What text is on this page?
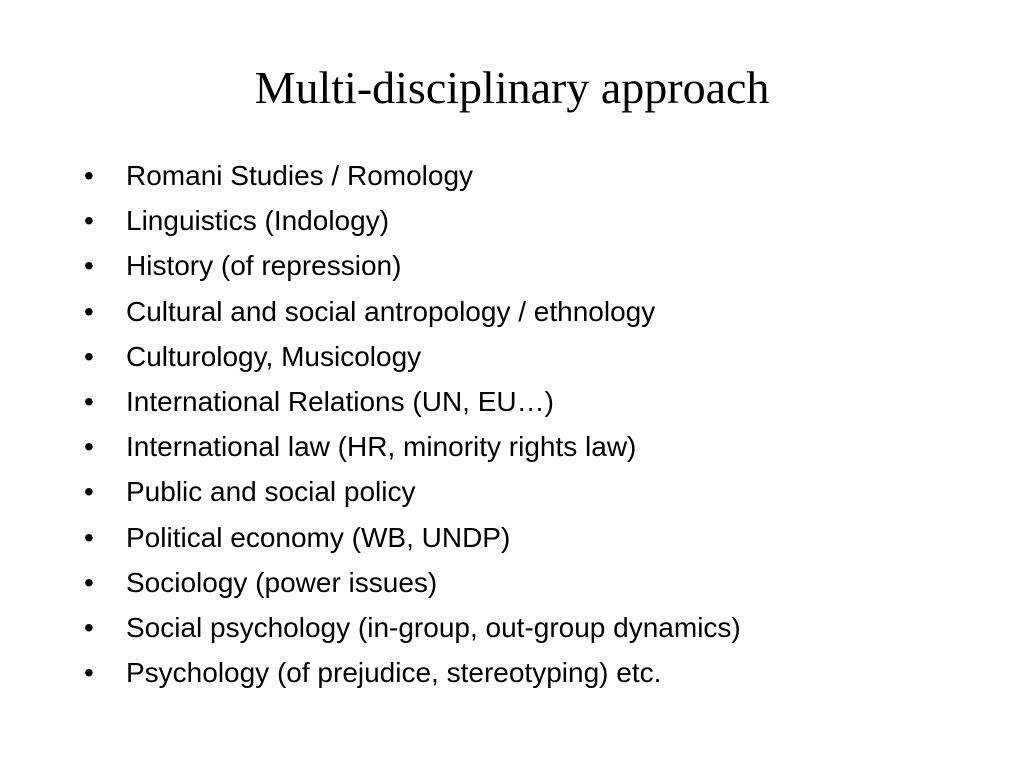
Multi-disciplinary approach
•	Romani Studies / Romology
•	Linguistics (Indology)
•	History (of repression)
•	Cultural and social antropology / ethnology
•	Culturology, Musicology
•	International Relations (UN, EU…)
•	International law (HR, minority rights law)
•	Public and social policy
•	Political economy (WB, UNDP)
•	Sociology (power issues)
•	Social psychology (in-group, out-group dynamics)
•	Psychology (of prejudice, stereotyping) etc.
